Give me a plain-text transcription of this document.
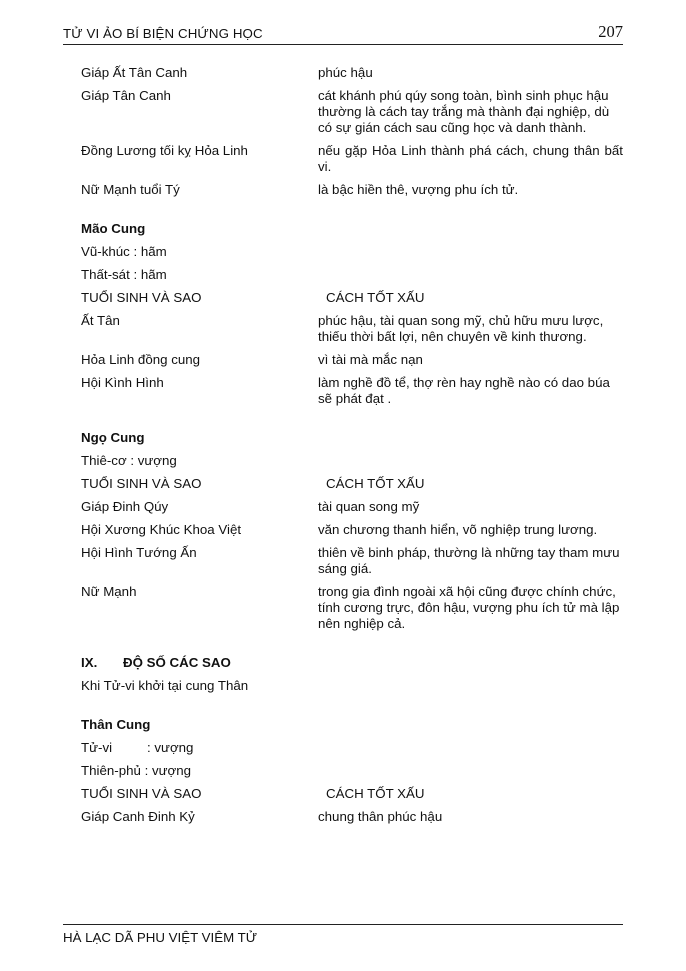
TỬ VI ẢO BÍ BIỆN CHỨNG HỌC	207
Giáp Ất Tân Canh	phúc hậu
Giáp Tân Canh	cát khánh phú qúy song toàn, bình sinh phục hậu thường là cách tay trắng mà thành đại nghiệp, dù có sự gián cách sau cũng học và danh thành.
Đồng Lương tối kỵ Hỏa Linh	nếu gặp Hỏa Linh thành phá cách, chung thân bất vi.
Nữ Mạnh tuổi Tý	là bậc hiền thê, vượng phu ích tử.
Mão Cung
Vũ-khúc : hãm
Thất-sát : hãm
TUỔI SINH VÀ SAO	CÁCH TỐT XẤU
Ất Tân	phúc hậu, tài quan song mỹ, chủ hữu mưu lược, thiếu thời bất lợi, nên chuyên về kinh thương.
Hỏa Linh đồng cung	vì tài mà mắc nạn
Hội Kình Hình	làm nghề đồ tể, thợ rèn hay nghề nào có dao búa sẽ phát đạt .
Ngọ Cung
Thiê-cơ : vượng
TUỔI SINH VÀ SAO	CÁCH TỐT XẤU
Giáp Đinh Qúy	tài quan song mỹ
Hội Xương Khúc Khoa Việt	văn chương thanh hiển, võ nghiệp trung lương.
Hội Hình Tướng Ấn	thiên về binh pháp, thường là những tay tham mưu sáng giá.
Nữ Mạnh	trong gia đình ngoài xã hội cũng được chính chức, tính cương trực, đôn hậu, vượng phu ích tử mà lập nên nghiệp cả.
IX. ĐỘ SỐ CÁC SAO
Khi Tử-vi khởi tại cung Thân
Thân Cung
Tử-vi	: vượng
Thiên-phủ : vượng
TUỔI SINH VÀ SAO	CÁCH TỐT XẤU
Giáp Canh Đinh Kỷ	chung thân phúc hậu
HÀ LẠC DÃ PHU VIỆT VIÊM TỬ
